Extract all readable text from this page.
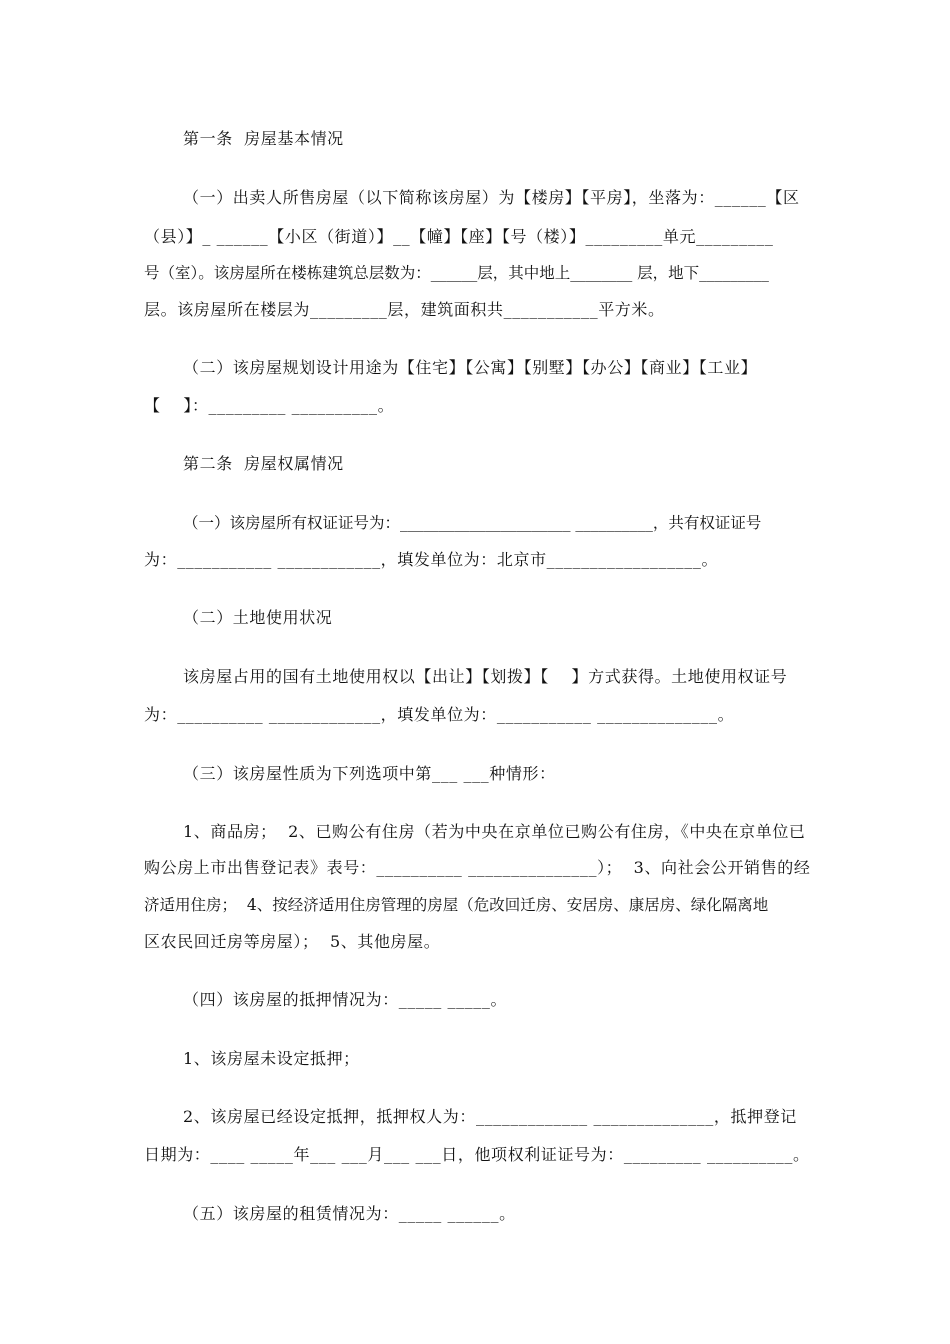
第一条  房屋基本情况
（一）出卖人所售房屋（以下简称该房屋）为【楼房】【平房】，坐落为：______【区
（县）】_ ______【小区（街道）】__【幢】【座】【号（楼）】_________单元_________
号（室）。该房屋所在楼栋建筑总层数为：______层，其中地上________ 层，地下_________
层。该房屋所在楼层为_________层，建筑面积共___________平方米。
（二）该房屋规划设计用途为【住宅】【公寓】【别墅】【办公】【商业】【工业】
【    】：_________ __________。
第二条  房屋权属情况
（一）该房屋所有权证证号为：______________________ __________，共有权证证号
为：___________ ____________，填发单位为：北京市__________________。
（二）土地使用状况
该房屋占用的国有土地使用权以【出让】【划拨】【    】方式获得。土地使用权证号
为：__________ _____________，填发单位为：___________ ______________。
（三）该房屋性质为下列选项中第___ ___种情形：
1、商品房；  2、已购公有住房（若为中央在京单位已购公有住房，《中央在京单位已
购公房上市出售登记表》表号：__________ _______________）；  3、向社会公开销售的经
济适用住房；  4、按经济适用住房管理的房屋（危改回迁房、安居房、康居房、绿化隔离地
区农民回迁房等房屋）；  5、其他房屋。
（四）该房屋的抵押情况为：_____ _____。
1、该房屋未设定抵押；
2、该房屋已经设定抵押，抵押权人为：_____________ ______________，抵押登记
日期为：____ _____年___ ___月___ ___日，他项权利证证号为：_________ __________。
（五）该房屋的租赁情况为：_____ ______。
